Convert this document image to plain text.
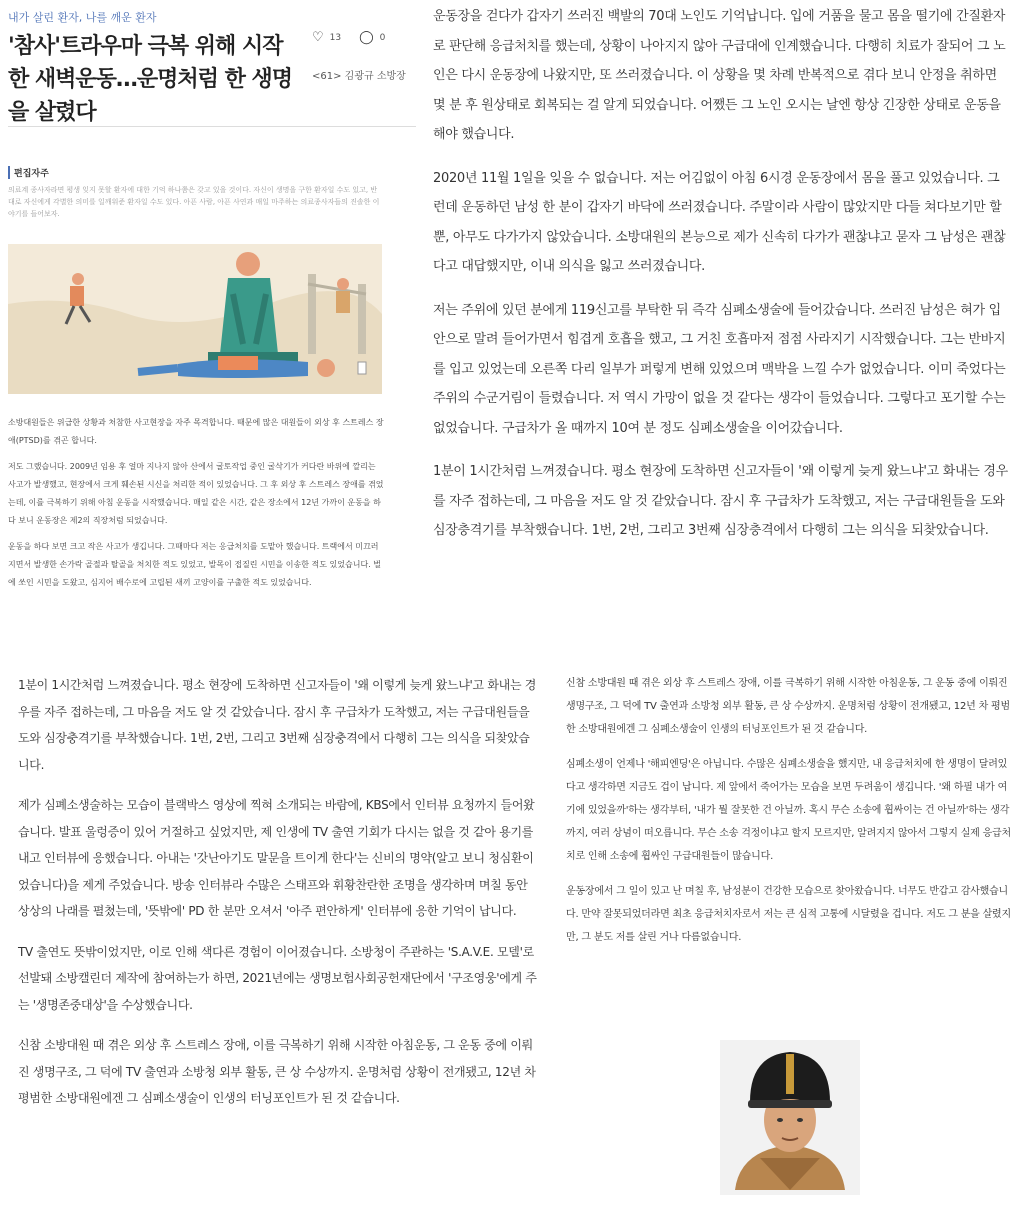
내가 살린 환자, 나를 깨운 환자
'참사'트라우마 극복 위해 시작한 새벽운동…운명처럼 한 생명을 살렸다
♡ 13 ◯ 0
<61> 김광규 소방장
편집자주
의료계 종사자라면 평생 잊지 못할 환자에 대한 기억 하나쯤은 갖고 있을 것이다. 자신이 생명을 구한 환자일 수도 있고, 반대로 자신에게 각별한 의미를 일깨워준 환자일 수도 있다. 아픈 사람, 아픈 사연과 매일 마주하는 의료종사자들의 진솔한 이야기를 들어보자.

소방대원들은 위급한 상황과 처참한 사고현장을 자주 목격합니다. 때문에 많은 대원들이 외상 후 스트레스 장애(PTSD)를 겪곤 합니다.

저도 그랬습니다. 2009년 임용 후 얼마 지나지 않아 산에서 굴토작업 중인 굴삭기가 커다란 바위에 깔리는 사고가 발생했고, 현장에서 크게 훼손된 시신을 처리한 적이 있었습니다. 그 후 외상 후 스트레스 장애를 겪었는데, 이를 극복하기 위해 아침 운동을 시작했습니다. 매일 같은 시간, 같은 장소에서 12년 가까이 운동을 하다 보니 운동장은 제2의 직장처럼 되었습니다.

운동을 하다 보면 크고 작은 사고가 생깁니다. 그때마다 저는 응급처치를 도맡아 했습니다. 트랙에서 미끄러지면서 발생한 손가락 골절과 탈골을 처치한 적도 있었고, 발목이 접질린 시민을 이송한 적도 있었습니다. 벌에 쏘인 시민을 도왔고, 심지어 배수로에 고립된 새끼 고양이를 구출한 적도 있었습니다.

운동장을 걷다가 갑자기 쓰러진 백발의 70대 노인도 기억납니다. 입에 거품을 물고 몸을 떨기에 간질환자로 판단해 응급처치를 했는데, 상황이 나아지지 않아 구급대에 인계했습니다. 다행히 치료가 잘되어 그 노인은 다시 운동장에 나왔지만, 또 쓰러졌습니다. 이 상황을 몇 차례 반복적으로 겪다 보니 안정을 취하면 몇 분 후 원상태로 회복되는 걸 알게 되었습니다. 어쨌든 그 노인 오시는 날엔 항상 긴장한 상태로 운동을 해야 했습니다.

2020년 11월 1일을 잊을 수 없습니다. 저는 어김없이 아침 6시경 운동장에서 몸을 풀고 있었습니다. 그런데 운동하던 남성 한 분이 갑자기 바닥에 쓰러졌습니다. 주말이라 사람이 많았지만 다들 쳐다보기만 할 뿐, 아무도 다가가지 않았습니다. 소방대원의 본능으로 제가 신속히 다가가 괜찮냐고 묻자 그 남성은 괜찮다고 대답했지만, 이내 의식을 잃고 쓰러졌습니다.

저는 주위에 있던 분에게 119신고를 부탁한 뒤 즉각 심폐소생술에 들어갔습니다. 쓰러진 남성은 혀가 입안으로 말려 들어가면서 힘겹게 호흡을 했고, 그 거친 호흡마저 점점 사라지기 시작했습니다. 그는 반바지를 입고 있었는데 오른쪽 다리 일부가 퍼렇게 변해 있었으며 맥박을 느낄 수가 없었습니다. 이미 죽었다는 주위의 수군거림이 들렸습니다. 저 역시 가망이 없을 것 같다는 생각이 들었습니다. 그렇다고 포기할 수는 없었습니다. 구급차가 올 때까지 10여 분 정도 심폐소생술을 이어갔습니다.

1분이 1시간처럼 느껴졌습니다. 평소 현장에 도착하면 신고자들이 '왜 이렇게 늦게 왔느냐'고 화내는 경우를 자주 접하는데, 그 마음을 저도 알 것 같았습니다. 잠시 후 구급차가 도착했고, 저는 구급대원들을 도와 심장충격기를 부착했습니다. 1번, 2번, 그리고 3번째 심장충격에서 다행히 그는 의식을 되찾았습니다.

1분이 1시간처럼 느껴졌습니다. 평소 현장에 도착하면 신고자들이 '왜 이렇게 늦게 왔느냐'고 화내는 경우를 자주 접하는데, 그 마음을 저도 알 것 같았습니다. 잠시 후 구급차가 도착했고, 저는 구급대원들을 도와 심장충격기를 부착했습니다. 1번, 2번, 그리고 3번째 심장충격에서 다행히 그는 의식을 되찾았습니다.

제가 심폐소생술하는 모습이 블랙박스 영상에 찍혀 소개되는 바람에, KBS에서 인터뷰 요청까지 들어왔습니다. 발표 울렁증이 있어 거절하고 싶었지만, 제 인생에 TV 출연 기회가 다시는 없을 것 같아 용기를 내고 인터뷰에 응했습니다. 아내는 '갓난아기도 말문을 트이게 한다'는 신비의 명약(알고 보니 청심환이었습니다)을 제게 주었습니다. 방송 인터뷰라 수많은 스태프와 휘황찬란한 조명을 생각하며 며칠 동안 상상의 나래를 펼쳤는데, '뜻밖에' PD 한 분만 오셔서 '아주 편안하게' 인터뷰에 응한 기억이 납니다.

TV 출연도 뜻밖이었지만, 이로 인해 색다른 경험이 이어졌습니다. 소방청이 주관하는 'S.A.V.E. 모델'로 선발돼 소방캘린더 제작에 참여하는가 하면, 2021년에는 생명보험사회공헌재단에서 '구조영웅'에게 주는 '생명존중대상'을 수상했습니다.

신참 소방대원 때 겪은 외상 후 스트레스 장애, 이를 극복하기 위해 시작한 아침운동, 그 운동 중에 이뤄진 생명구조, 그 덕에 TV 출연과 소방청 외부 활동, 큰 상 수상까지. 운명처럼 상황이 전개됐고, 12년 차 평범한 소방대원에겐 그 심폐소생술이 인생의 터닝포인트가 된 것 같습니다.

신참 소방대원 때 겪은 외상 후 스트레스 장애, 이를 극복하기 위해 시작한 아침운동, 그 운동 중에 이뤄진 생명구조, 그 덕에 TV 출연과 소방청 외부 활동, 큰 상 수상까지. 운명처럼 상황이 전개됐고, 12년 차 평범한 소방대원에겐 그 심폐소생술이 인생의 터닝포인트가 된 것 같습니다.

심폐소생이 언제나 '해피엔딩'은 아닙니다. 수많은 심폐소생술을 했지만, 내 응급처치에 한 생명이 달려있다고 생각하면 지금도 겁이 납니다. 제 앞에서 죽어가는 모습을 보면 두려움이 생깁니다. '왜 하필 내가 여기에 있었을까'하는 생각부터, '내가 뭘 잘못한 건 아닐까. 혹시 무슨 소송에 휩싸이는 건 아닐까'하는 생각까지, 여러 상념이 떠오릅니다. 무슨 소송 걱정이냐고 할지 모르지만, 알려지지 않아서 그렇지 실제 응급처치로 인해 소송에 휩싸인 구급대원들이 많습니다.

운동장에서 그 일이 있고 난 며칠 후, 남성분이 건강한 모습으로 찾아왔습니다. 너무도 반갑고 감사했습니다. 만약 잘못되었더라면 최초 응급처치자로서 저는 큰 심적 고통에 시달렸을 겁니다. 저도 그 분을 살렸지만, 그 분도 저를 살린 거나 다름없습니다.
